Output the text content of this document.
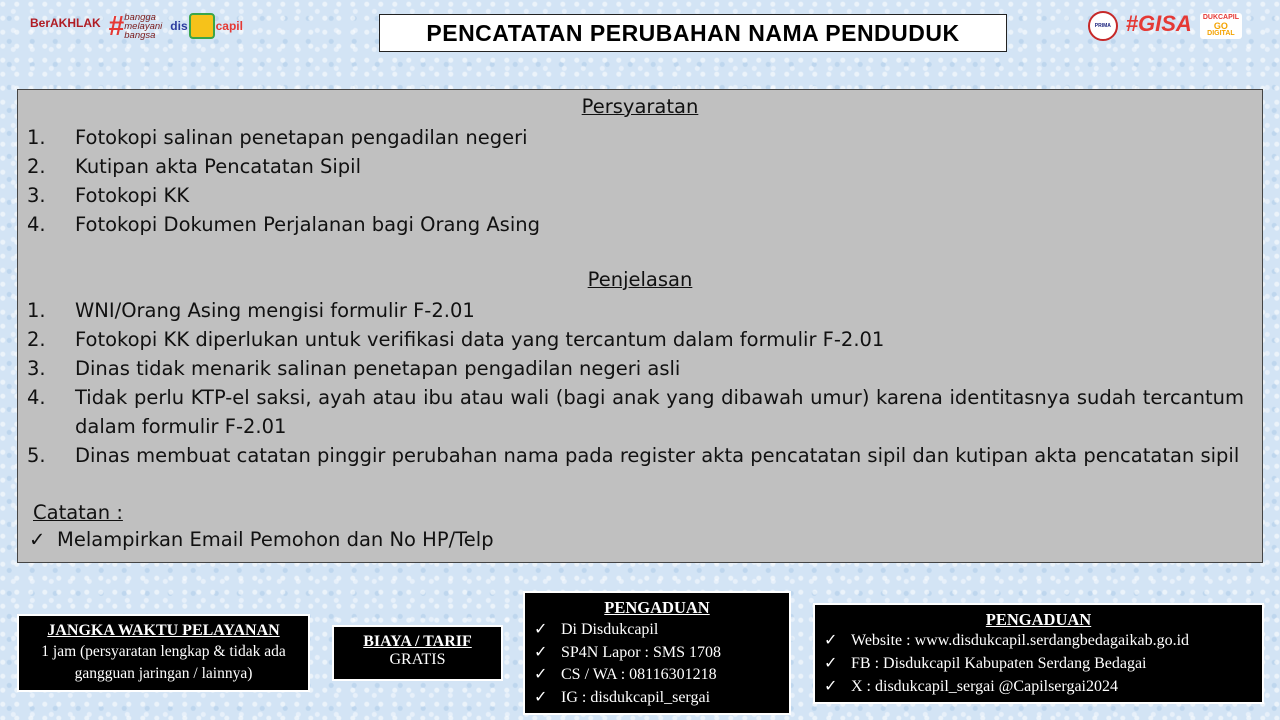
BerAKHLAK
# bangga
melayani
bangsa
dis capil	PENCATATAN PERUBAHAN NAMA PENDUDUK	PRIMA #GISA
DUKCAPIL
GO
DIGITAL
Persyaratan
1.	Fotokopi salinan penetapan pengadilan negeri
2.	Kutipan akta Pencatatan Sipil
3.	Fotokopi KK
4.	Fotokopi Dokumen Perjalanan bagi Orang Asing
Penjelasan
1.	WNI/Orang Asing mengisi formulir F-2.01
2.	Fotokopi KK diperlukan untuk verifikasi data yang tercantum dalam formulir F-2.01
3.	Dinas tidak menarik salinan penetapan pengadilan negeri asli
4.	Tidak perlu KTP-el saksi, ayah atau ibu atau wali (bagi anak yang dibawah umur) karena identitasnya sudah tercantum dalam formulir F-2.01
5.	Dinas membuat catatan pinggir perubahan nama pada register akta pencatatan sipil dan kutipan akta pencatatan sipil
Catatan :
✓ Melampirkan Email Pemohon dan No HP/Telp
JANGKA WAKTU PELAYANAN
1 jam (persyaratan lengkap & tidak ada gangguan jaringan / lainnya)
BIAYA / TARIF
GRATIS
PENGADUAN
✓ Di Disdukcapil
✓ SP4N Lapor : SMS 1708
✓ CS / WA : 08116301218
✓ IG : disdukcapil_sergai
PENGADUAN
✓ Website : www.disdukcapil.serdangbedagaikab.go.id
✓ FB : Disdukcapil Kabupaten Serdang Bedagai
✓ X : disdukcapil_sergai @Capilsergai2024
